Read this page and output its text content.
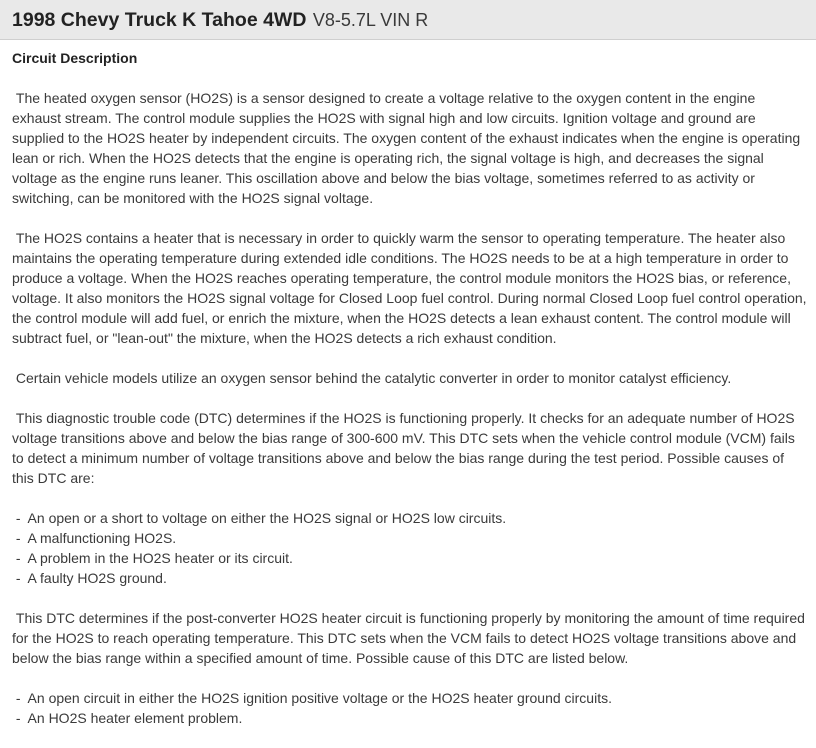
1998 Chevy Truck K Tahoe 4WD V8-5.7L VIN R
Circuit Description

The heated oxygen sensor (HO2S) is a sensor designed to create a voltage relative to the oxygen content in the engine exhaust stream. The control module supplies the HO2S with signal high and low circuits. Ignition voltage and ground are supplied to the HO2S heater by independent circuits. The oxygen content of the exhaust indicates when the engine is operating lean or rich. When the HO2S detects that the engine is operating rich, the signal voltage is high, and decreases the signal voltage as the engine runs leaner. This oscillation above and below the bias voltage, sometimes referred to as activity or switching, can be monitored with the HO2S signal voltage.

The HO2S contains a heater that is necessary in order to quickly warm the sensor to operating temperature. The heater also maintains the operating temperature during extended idle conditions. The HO2S needs to be at a high temperature in order to produce a voltage. When the HO2S reaches operating temperature, the control module monitors the HO2S bias, or reference, voltage. It also monitors the HO2S signal voltage for Closed Loop fuel control. During normal Closed Loop fuel control operation, the control module will add fuel, or enrich the mixture, when the HO2S detects a lean exhaust content. The control module will subtract fuel, or "lean-out" the mixture, when the HO2S detects a rich exhaust condition.

Certain vehicle models utilize an oxygen sensor behind the catalytic converter in order to monitor catalyst efficiency.

This diagnostic trouble code (DTC) determines if the HO2S is functioning properly. It checks for an adequate number of HO2S voltage transitions above and below the bias range of 300-600 mV. This DTC sets when the vehicle control module (VCM) fails to detect a minimum number of voltage transitions above and below the bias range during the test period. Possible causes of this DTC are:

-  An open or a short to voltage on either the HO2S signal or HO2S low circuits.
-  A malfunctioning HO2S.
-  A problem in the HO2S heater or its circuit.
-  A faulty HO2S ground.

This DTC determines if the post-converter HO2S heater circuit is functioning properly by monitoring the amount of time required for the HO2S to reach operating temperature. This DTC sets when the VCM fails to detect HO2S voltage transitions above and below the bias range within a specified amount of time. Possible cause of this DTC are listed below.

-  An open circuit in either the HO2S ignition positive voltage or the HO2S heater ground circuits.
-  An HO2S heater element problem.
